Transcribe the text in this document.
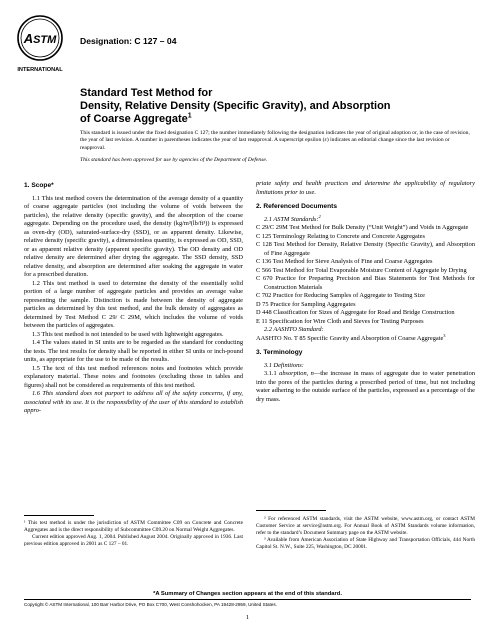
ASTM
INTERNATIONAL
Designation: C 127 – 04
Standard Test Method for
Density, Relative Density (Specific Gravity), and Absorption
of Coarse Aggregate$^1$
This standard is issued under the fixed designation C 127; the number immediately following the designation indicates the year of original adoption or, in the case of revision, the year of last revision. A number in parentheses indicates the year of last reapproval. A superscript epsilon (ε) indicates an editorial change since the last revision or reapproval.
This standard has been approved for use by agencies of the Department of Defense.

1. Scope*

1.1 This test method covers the determination of the average density of a quantity of coarse aggregate particles (not including the volume of voids between the particles), the relative density (specific gravity), and the absorption of the coarse aggregate. Depending on the procedure used, the density (kg/m³(lb/ft³)) is expressed as oven-dry (OD), saturated-surface-dry (SSD), or as apparent density. Likewise, relative density (specific gravity), a dimensionless quantity, is expressed as OD, SSD, or as apparent relative density (apparent specific gravity). The OD density and OD relative density are determined after drying the aggregate. The SSD density, SSD relative density, and absorption are determined after soaking the aggregate in water for a prescribed duration.

1.2 This test method is used to determine the density of the essentially solid portion of a large number of aggregate particles and provides an average value representing the sample. Distinction is made between the density of aggregate particles as determined by this test method, and the bulk density of aggregates as determined by Test Method C 29/ C 29M, which includes the volume of voids between the particles of aggregates.

1.3 This test method is not intended to be used with lightweight aggregates.

1.4 The values stated in SI units are to be regarded as the standard for conducting the tests. The test results for density shall be reported in either SI units or inch-pound units, as appropriate for the use to be made of the results.

1.5 The text of this test method references notes and footnotes which provide explanatory material. These notes and footnotes (excluding those in tables and figures) shall not be considered as requirements of this test method.

1.6 This standard does not purport to address all of the safety concerns, if any, associated with its use. It is the responsibility of the user of this standard to establish appro-

¹ This test method is under the jurisdiction of ASTM Committee C09 on Concrete and Concrete Aggregates and is the direct responsibility of Subcommittee C09.20 on Normal Weight Aggregates.

Current edition approved Aug. 1, 2004. Published August 2004. Originally approved in 1936. Last previous edition approved in 2001 as C 127 – 01.

priate safety and health practices and determine the applicability of regulatory limitations prior to use.

2. Referenced Documents

2.1 ASTM Standards:$^2$

C 29/C 29M Test Method for Bulk Density (“Unit Weight”) and Voids in Aggregate

C 125 Terminology Relating to Concrete and Concrete Aggregates

C 128 Test Method for Density, Relative Density (Specific Gravity), and Absorption of Fine Aggregate

C 136 Test Method for Sieve Analysis of Fine and Coarse Aggregates

C 566 Test Method for Total Evaporable Moisture Content of Aggregate by Drying

C 670 Practice for Preparing Precision and Bias Statements for Test Methods for Construction Materials

C 702 Practice for Reducing Samples of Aggregate to Testing Size

D 75 Practice for Sampling Aggregates

D 448 Classification for Sizes of Aggregate for Road and Bridge Construction

E 11 Specification for Wire Cloth and Sieves for Testing Purposes

2.2 AASHTO Standard:

AASHTO No. T 85 Specific Gravity and Absorption of Coarse Aggregate$^3$

3. Terminology

3.1 Definitions:

3.1.1 absorption, n—the increase in mass of aggregate due to water penetration into the pores of the particles during a prescribed period of time, but not including water adhering to the outside surface of the particles, expressed as a percentage of the dry mass.

² For referenced ASTM standards, visit the ASTM website, www.astm.org, or contact ASTM Customer Service at service@astm.org. For Annual Book of ASTM Standards volume information, refer to the standard’s Document Summary page on the ASTM website.

³ Available from American Association of State Highway and Transportation Officials, 444 North Capitol St. N.W., Suite 225, Washington, DC 20001.

*A Summary of Changes section appears at the end of this standard.
Copyright © ASTM International, 100 Barr Harbor Drive, PO Box C700, West Conshohocken, PA 19428-2959, United States.
1
